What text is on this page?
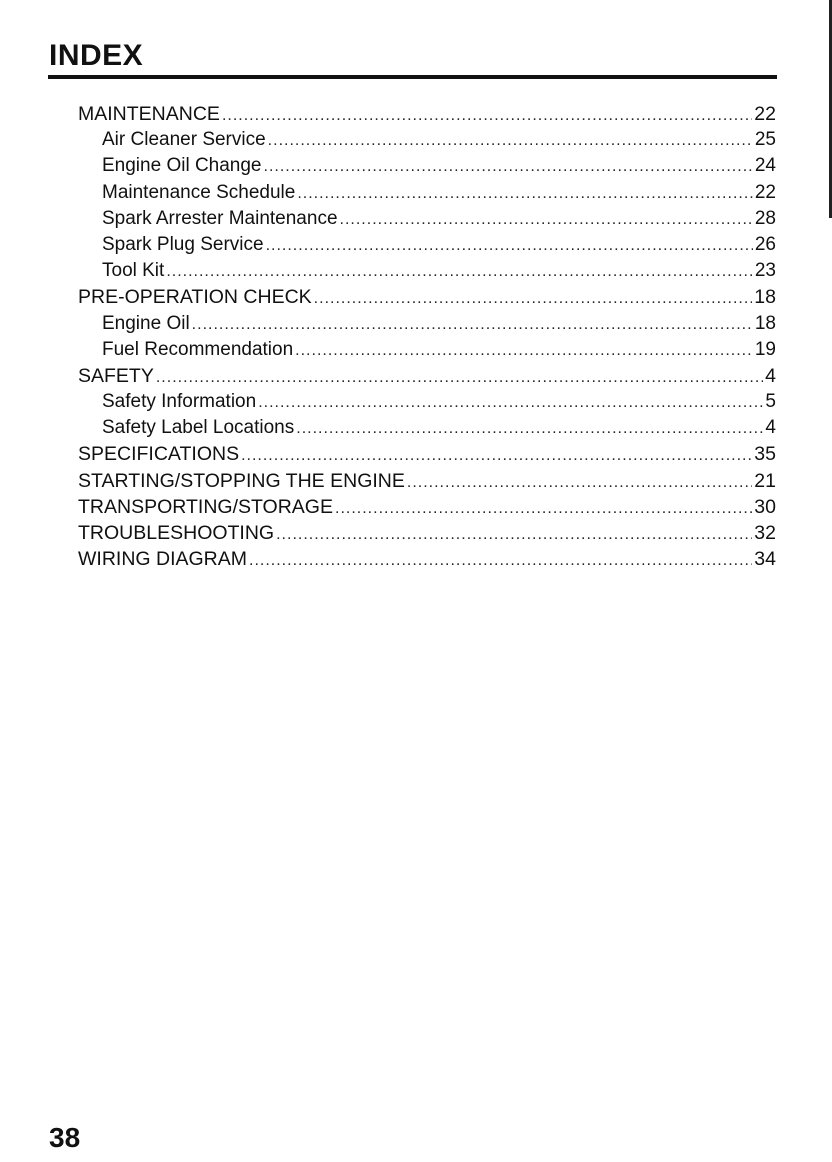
INDEX
MAINTENANCE .....	22
Air Cleaner Service .....	25
Engine Oil Change .....	24
Maintenance Schedule .....	22
Spark Arrester Maintenance .....	28
Spark Plug Service .....	26
Tool Kit .....	23
PRE-OPERATION CHECK .....	18
Engine Oil .....	18
Fuel Recommendation .....	19
SAFETY .....	4
Safety Information .....	5
Safety Label Locations .....	4
SPECIFICATIONS .....	35
STARTING/STOPPING THE ENGINE .....	21
TRANSPORTING/STORAGE .....	30
TROUBLESHOOTING .....	32
WIRING DIAGRAM .....	34

38
